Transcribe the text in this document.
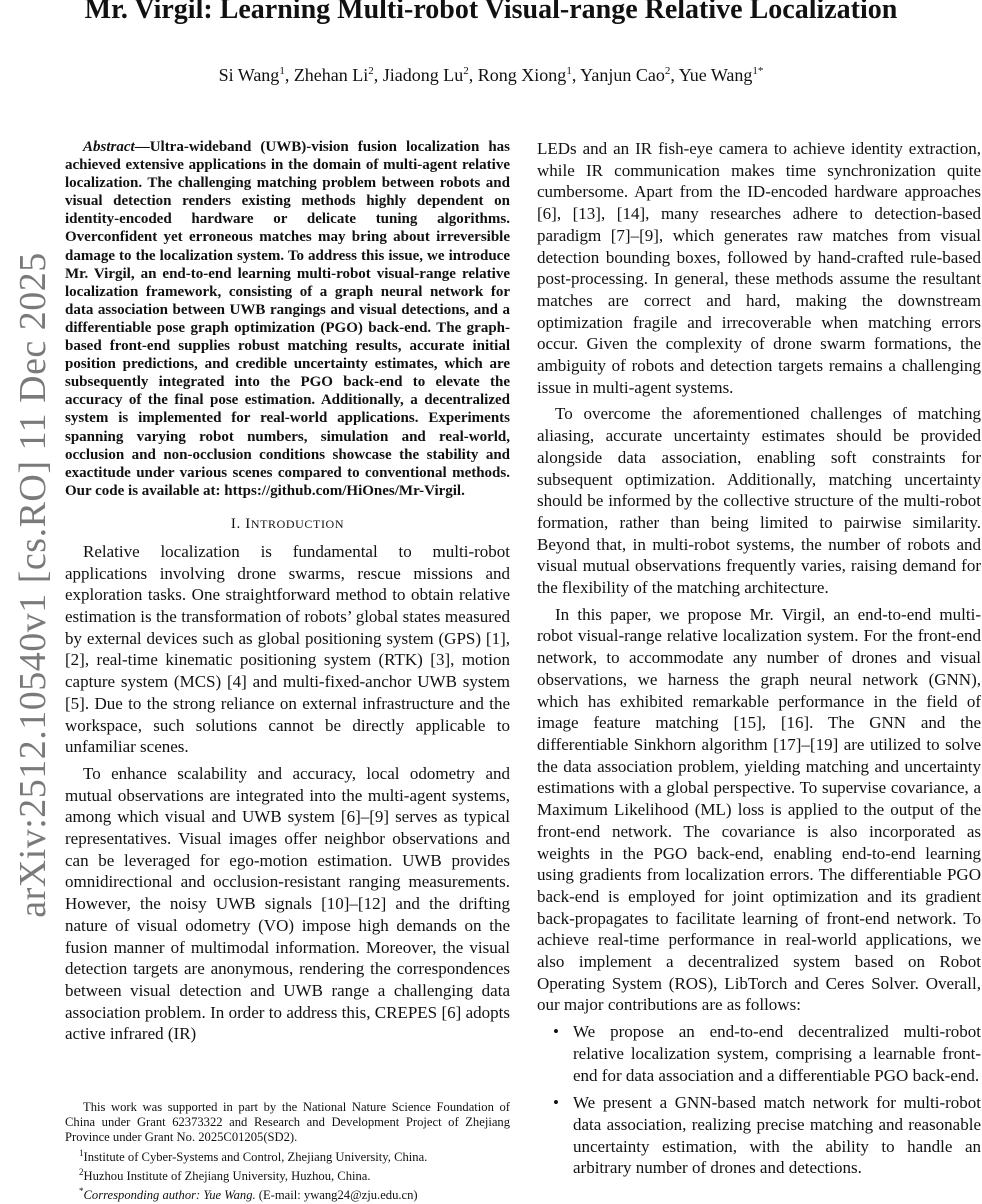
arXiv:2512.10540v1 [cs.RO] 11 Dec 2025
Mr. Virgil: Learning Multi-robot Visual-range Relative Localization
Si Wang$^1$, Zhehan Li$^2$, Jiadong Lu$^2$, Rong Xiong$^1$, Yanjun Cao$^2$, Yue Wang$^{1*}$

Abstract—Ultra-wideband (UWB)-vision fusion localization has achieved extensive applications in the domain of multi-agent relative localization. The challenging matching problem between robots and visual detection renders existing methods highly dependent on identity-encoded hardware or delicate tuning algorithms. Overconfident yet erroneous matches may bring about irreversible damage to the localization system. To address this issue, we introduce Mr. Virgil, an end-to-end learning multi-robot visual-range relative localization framework, consisting of a graph neural network for data association between UWB rangings and visual detections, and a differentiable pose graph optimization (PGO) back-end. The graph-based front-end supplies robust matching results, accurate initial position predictions, and credible uncertainty estimates, which are subsequently integrated into the PGO back-end to elevate the accuracy of the final pose estimation. Additionally, a decentralized system is implemented for real-world applications. Experiments spanning varying robot numbers, simulation and real-world, occlusion and non-occlusion conditions showcase the stability and exactitude under various scenes compared to conventional methods. Our code is available at: https://github.com/HiOnes/Mr-Virgil.

I. INTRODUCTION

Relative localization is fundamental to multi-robot applications involving drone swarms, rescue missions and exploration tasks. One straightforward method to obtain relative estimation is the transformation of robots’ global states measured by external devices such as global positioning system (GPS) [1], [2], real-time kinematic positioning system (RTK) [3], motion capture system (MCS) [4] and multi-fixed-anchor UWB system [5]. Due to the strong reliance on external infrastructure and the workspace, such solutions cannot be directly applicable to unfamiliar scenes.

To enhance scalability and accuracy, local odometry and mutual observations are integrated into the multi-agent systems, among which visual and UWB system [6]–[9] serves as typical representatives. Visual images offer neighbor observations and can be leveraged for ego-motion estimation. UWB provides omnidirectional and occlusion-resistant ranging measurements. However, the noisy UWB signals [10]–[12] and the drifting nature of visual odometry (VO) impose high demands on the fusion manner of multimodal information. Moreover, the visual detection targets are anonymous, rendering the correspondences between visual detection and UWB range a challenging data association problem. In order to address this, CREPES [6] adopts active infrared (IR)

This work was supported in part by the National Nature Science Foundation of China under Grant 62373322 and Research and Development Project of Zhejiang Province under Grant No. 2025C01205(SD2).

$^1$Institute of Cyber-Systems and Control, Zhejiang University, China.

$^2$Huzhou Institute of Zhejiang University, Huzhou, China.

*Corresponding author: Yue Wang. (E-mail: ywang24@zju.edu.cn)

LEDs and an IR fish-eye camera to achieve identity extraction, while IR communication makes time synchronization quite cumbersome. Apart from the ID-encoded hardware approaches [6], [13], [14], many researches adhere to detection-based paradigm [7]–[9], which generates raw matches from visual detection bounding boxes, followed by hand-crafted rule-based post-processing. In general, these methods assume the resultant matches are correct and hard, making the downstream optimization fragile and irrecoverable when matching errors occur. Given the complexity of drone swarm formations, the ambiguity of robots and detection targets remains a challenging issue in multi-agent systems.

To overcome the aforementioned challenges of matching aliasing, accurate uncertainty estimates should be provided alongside data association, enabling soft constraints for subsequent optimization. Additionally, matching uncertainty should be informed by the collective structure of the multi-robot formation, rather than being limited to pairwise similarity. Beyond that, in multi-robot systems, the number of robots and visual mutual observations frequently varies, raising demand for the flexibility of the matching architecture.

In this paper, we propose Mr. Virgil, an end-to-end multi-robot visual-range relative localization system. For the front-end network, to accommodate any number of drones and visual observations, we harness the graph neural network (GNN), which has exhibited remarkable performance in the field of image feature matching [15], [16]. The GNN and the differentiable Sinkhorn algorithm [17]–[19] are utilized to solve the data association problem, yielding matching and uncertainty estimations with a global perspective. To supervise covariance, a Maximum Likelihood (ML) loss is applied to the output of the front-end network. The covariance is also incorporated as weights in the PGO back-end, enabling end-to-end learning using gradients from localization errors. The differentiable PGO back-end is employed for joint optimization and its gradient back-propagates to facilitate learning of front-end network. To achieve real-time performance in real-world applications, we also implement a decentralized system based on Robot Operating System (ROS), LibTorch and Ceres Solver. Overall, our major contributions are as follows:

• We propose an end-to-end decentralized multi-robot relative localization system, comprising a learnable front-end for data association and a differentiable PGO back-end.
• We present a GNN-based match network for multi-robot data association, realizing precise matching and reasonable uncertainty estimation, with the ability to handle an arbitrary number of drones and detections.
